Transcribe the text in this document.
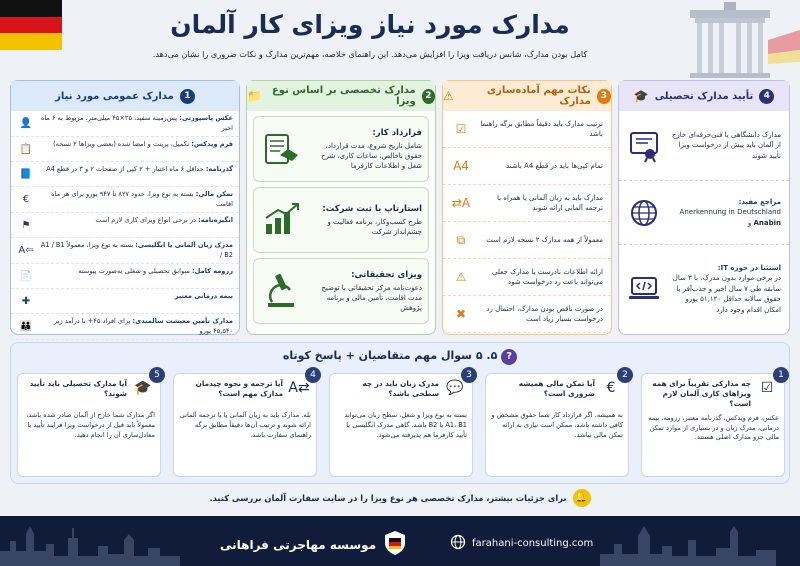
مدارک مورد نیاز ویزای کار آلمان
کامل بودن مدارک، شانس دریافت ویزا را افزایش می‌دهد. این راهنمای خلاصه، مهم‌ترین مدارک و نکات ضروری را نشان می‌دهد.
1
مدارک عمومی مورد نیاز
👤	عکس پاسپورتی: پس‌زمینه سفید، ۳۵×۴۵ میلی‌متر، مربوط به ۶ ماه اخیر
📋	فرم ویدکس: تکمیل، پرینت و امضا شده (بعضی ویزاها ۲ نسخه)
📘	گذرنامه: حداقل ۶ ماه اعتبار + ۲ کپی از صفحات ۲ و ۳ در قطع A4
€	تمکن مالی: بسته به نوع ویزا، حدود ۸۲۷ تا ۹۴۷ یورو برای هر ماه اقامت
⚑	انگیزه‌نامه: در برخی انواع ویزای کاری لازم است
A⇦	مدرک زبان آلمانی یا انگلیسی: بسته به نوع ویزا، معمولاً A1 / B1 / B2
📄	رزومه کامل: سوابق تحصیلی و شغلی به‌صورت پیوسته
✚	بیمه درمانی معتبر
👪	مدارک تأمین معیشت سالمندی: برای افراد ۴۵+ با درآمد زیر ۴۵,۵۴۰ یورو
2
مدارک تخصصی بر اساس نوع ویزا
📁
قرارداد کار:
شامل تاریخ شروع، مدت قرارداد، حقوق ناخالص، ساعات کاری، شرح شغل و اطلاعات کارفرما
استارتاپ یا ثبت شرکت:
طرح کسب‌وکار، برنامه فعالیت و چشم‌انداز شرکت
ویزای تحقیقاتی:
دعوت‌نامه مرکز تحقیقاتی با توضیح مدت اقامت، تأمین مالی و برنامه پژوهش
3
نکات مهم آماده‌سازی مدارک
⚠
ترتیب مدارک باید دقیقاً مطابق برگه راهنما باشد
☑
تمام کپی‌ها باید در قطع A4 باشند
A4
مدارک باید به زبان آلمانی یا همراه با ترجمه آلمانی ارائه شوند
A⇄
معمولاً از همه مدارک ۲ نسخه لازم است
⧉
ارائه اطلاعات نادرست یا مدارک جعلی می‌تواند باعث رد درخواست شود
⚠
در صورت ناقص بودن مدارک، احتمال رد درخواست بسیار زیاد است
✖
4
تأیید مدارک تحصیلی
🎓
مدارک دانشگاهی یا فنی‌حرفه‌ای خارج از آلمان باید پیش از درخواست ویزا تأیید شوند
مراجع مفید:
Anerkennung in Deutschland
و Anabin
استثنا در حوزه IT:
در برخی موارد بدون مدرک، با ۳ سال سابقه طی ۷ سال اخیر و جذب‌آفر با حقوق سالانه حداقل ۵۱,۱۲۰ یورو امکان اقدام وجود دارد
? ۵. ۵ سوال مهم متقاضیان + پاسخ کوتاه
1
☑
چه مدارکی تقریباً برای همه ویزاهای کاری آلمان لازم است؟
عکس، فرم ویدکس، گذرنامه معتبر، رزومه، بیمه درمانی، مدرک زبان و در بسیاری از موارد تمکن مالی جزو مدارک اصلی هستند.
2
€
آیا تمکن مالی همیشه ضروری است؟
نه همیشه. اگر قرارداد کار شما حقوق مشخص و کافی داشته باشد، ممکن است نیازی به ارائه تمکن مالی نباشد.
3
💬
مدرک زبان باید در چه سطحی باشد؟
بسته به نوع ویزا و شغل، سطح زبان می‌تواند A1، B1 یا B2 باشد. گاهی مدرک انگلیسی یا تأیید کارفرما هم پذیرفته می‌شود.
4
A⇄
آیا ترجمه و نحوه چیدمان مدارک مهم است؟
بله. مدارک باید به زبان آلمانی یا با ترجمه آلمانی ارائه شوند و ترتیب آن‌ها دقیقاً مطابق برگه راهنمای سفارت باشد.
5
🎓
آیا مدارک تحصیلی باید تأیید شوند؟
اگر مدارک شما خارج از آلمان صادر شده باشد، معمولاً باید قبل از درخواست ویزا فرایند تأیید یا معادل‌سازی آن را انجام دهید.
🔔
برای جزئیات بیشتر، مدارک تخصصی هر نوع ویزا را در سایت سفارت آلمان بررسی کنید.
موسسه مهاجرتی فراهانی	farahani-consulting.com
